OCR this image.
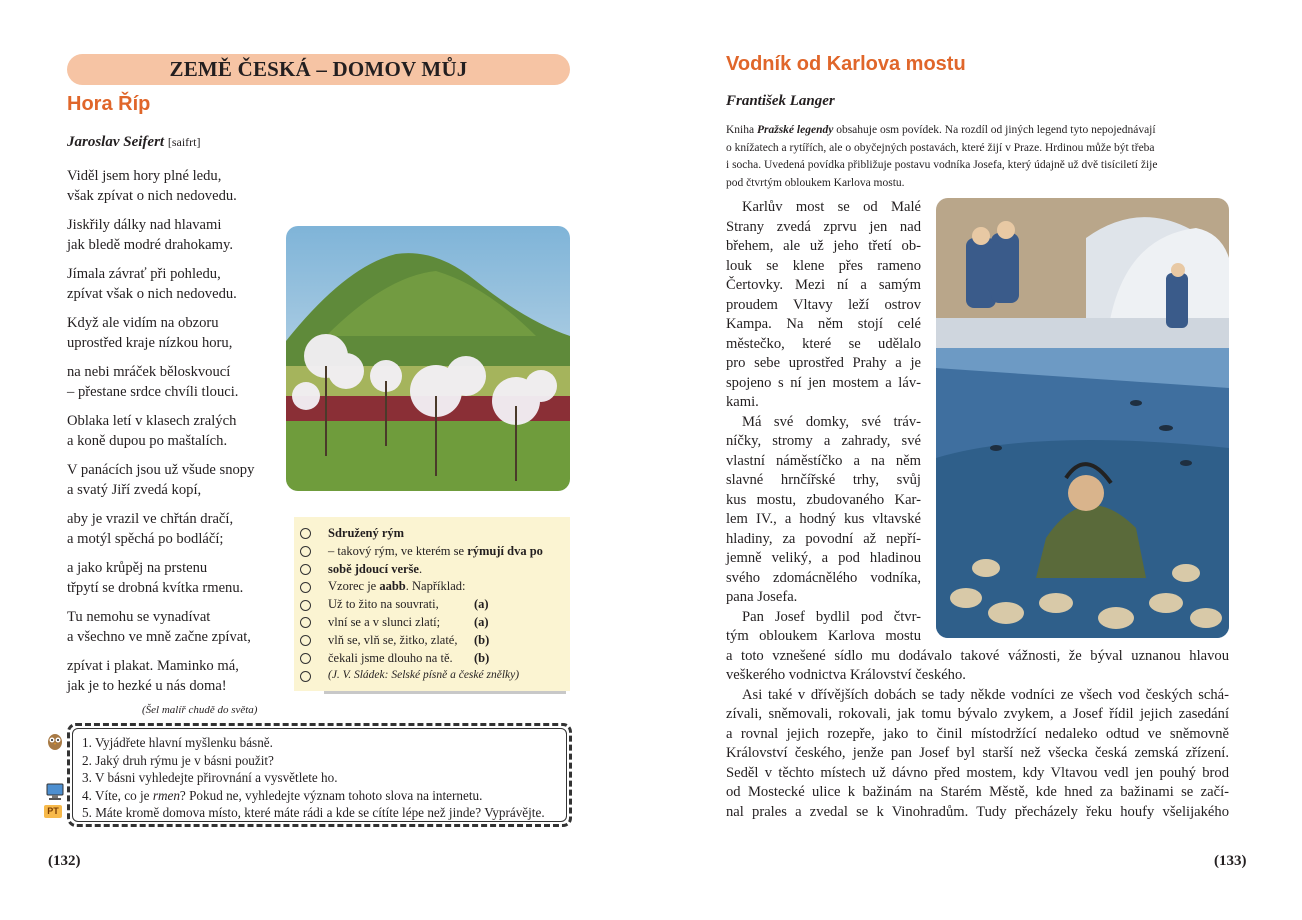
ZEMĚ ČESKÁ – DOMOV MŮJ
Hora Říp
Jaroslav Seifert [saifrt]
Viděl jsem hory plné ledu,
však zpívat o nich nedovedu.
Jiskřily dálky nad hlavami
jak bledě modré drahokamy.
Jímala závrať při pohledu,
zpívat však o nich nedovedu.
Když ale vidím na obzoru
uprostřed kraje nízkou horu,
na nebi mráček běloskvoucí
– přestane srdce chvíli tlouci.
Oblaka letí v klasech zralých
a koně dupou po maštalích.
V panácích jsou už všude snopy
a svatý Jiří zvedá kopí,
aby je vrazil ve chřtán dračí,
a motýl spěchá po bodláčí;
a jako krůpěj na prstenu
třpytí se drobná kvítka rmenu.
Tu nemohu se vynadívat
a všechno ve mně začne zpívat,
zpívat i plakat. Maminko má,
jak je to hezké u nás doma!
(Šel malíř chudě do světa)
Sdružený rým
– takový rým, ve kterém se rýmují dva po
sobě jdoucí verše.
Vzorec je aabb. Například:
Už to žito na souvrati,	(a)
vlní se a v slunci zlatí;	(a)
vlň se, vlň se, žitko, zlaté,	(b)
čekali jsme dlouho na tě.	(b)
(J. V. Sládek: Selské písně a české znělky)
PT
1. Vyjádřete hlavní myšlenku básně.
2. Jaký druh rýmu je v básni použit?
3. V básni vyhledejte přirovnání a vysvětlete ho.
4. Víte, co je rmen? Pokud ne, vyhledejte význam tohoto slova na internetu.
5. Máte kromě domova místo, které máte rádi a kde se cítíte lépe než jinde? Vyprávějte.
(132)
Vodník od Karlova mostu
František Langer
Kniha Pražské legendy obsahuje osm povídek. Na rozdíl od jiných legend tyto nepojednávají
o knížatech a rytířích, ale o obyčejných postavách, které žijí v Praze. Hrdinou může být třeba
i socha. Uvedená povídka přibližuje postavu vodníka Josefa, který údajně už dvě tisíciletí žije
pod čtvrtým obloukem Karlova mostu.
Karlův most se od Malé
Strany zvedá zprvu jen nad
břehem, ale už jeho třetí ob-
louk se klene přes rameno
Čertovky. Mezi ní a samým
proudem Vltavy leží ostrov
Kampa. Na něm stojí celé
městečko, které se udělalo
pro sebe uprostřed Prahy a je
spojeno s ní jen mostem a láv-
kami.
Má své domky, své tráv-
níčky, stromy a zahrady, své
vlastní náměstíčko a na něm
slavné hrnčířské trhy, svůj
kus mostu, zbudovaného Kar-
lem IV., a hodný kus vltavské
hladiny, za povodní až nepří-
jemně veliký, a pod hladinou
svého zdomácnělého vodníka,
pana Josefa.
Pan Josef bydlil pod čtvr-
tým obloukem Karlova mostu
a toto vznešené sídlo mu dodávalo takové vážnosti, že býval uznanou hlavou
veškerého vodnictva Království českého.
Asi také v dřívějších dobách se tady někde vodníci ze všech vod českých schá-
zívali, sněmovali, rokovali, jak tomu bývalo zvykem, a Josef řídil jejich zasedání
a rovnal jejich rozepře, jako to činil místodržící nedaleko odtud ve sněmovně
Království českého, jenže pan Josef byl starší než všecka česká zemská zřízení.
Seděl v těchto místech už dávno před mostem, kdy Vltavou vedl jen pouhý brod
od Mostecké ulice k bažinám na Starém Městě, kde hned za bažinami se začí-
nal prales a zvedal se k Vinohradům. Tudy přecházely řeku houfy všelijakého
(133)
